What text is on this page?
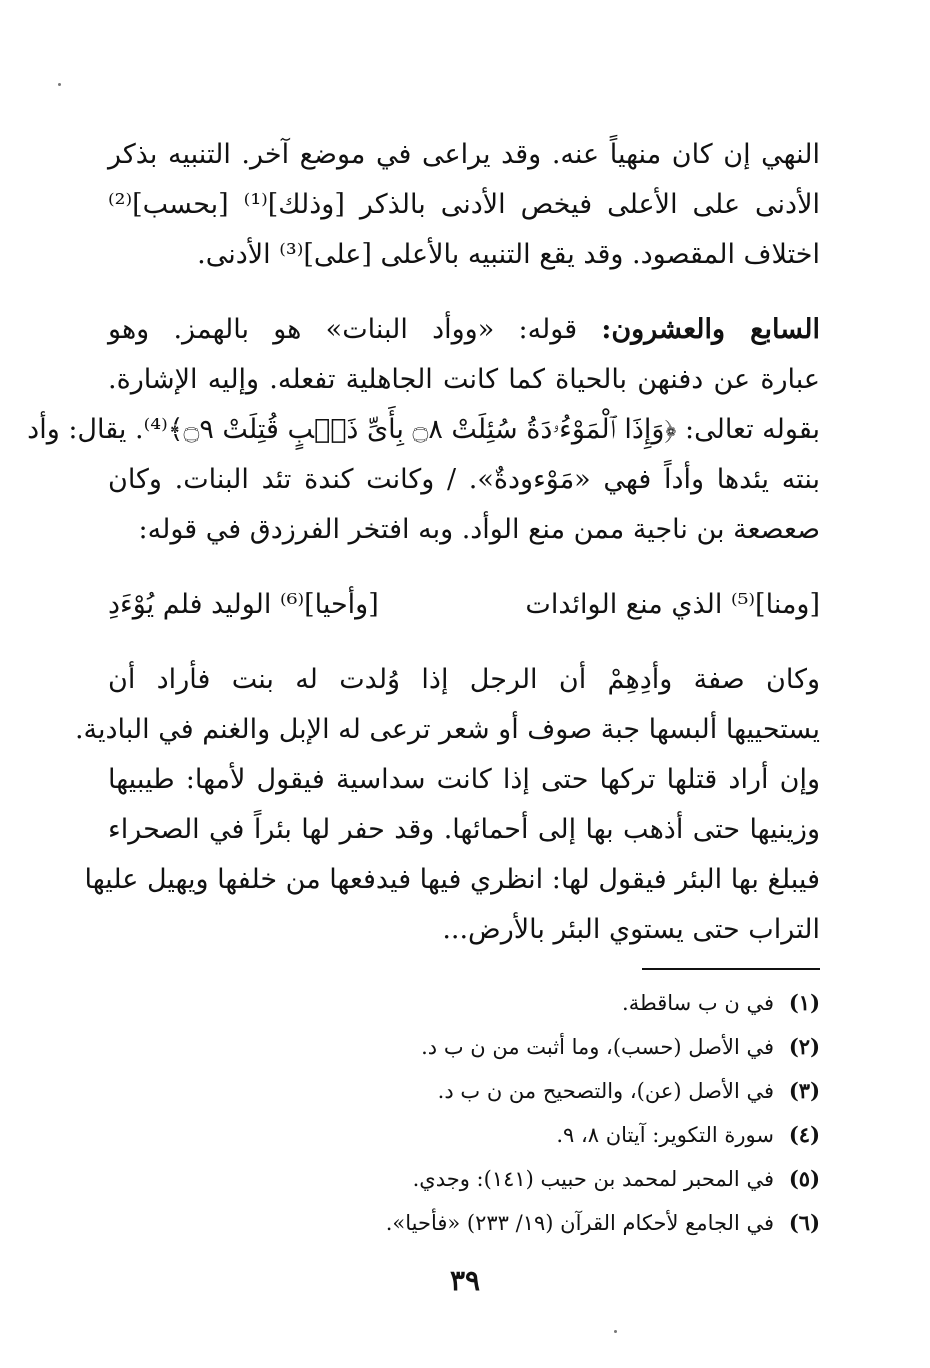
النهي إن كان منهياً عنه. وقد يراعى في موضع آخر. التنبيه بذكر
الأدنى على الأعلى فيخص الأدنى بالذكر [وذلك]⁽¹⁾ [بحسب]⁽²⁾
اختلاف المقصود. وقد يقع التنبيه بالأعلى [على]⁽³⁾ الأدنى.
السابع والعشرون: قوله: «ووأد البنات» هو بالهمز. وهو
عبارة عن دفنهن بالحياة كما كانت الجاهلية تفعله. وإليه الإشارة.
بقوله تعالى: ﴿وَإِذَا ٱلْمَوْءُۥدَةُ سُئِلَتْ ۝٨ بِأَىِّ ذَنۢبٍ قُتِلَتْ ۝٩﴾⁽⁴⁾. يقال: وأد
بنته يئدها وأداً فهي «مَوْءودةٌ». / وكانت كندة تئد البنات. وكان
صعصعة بن ناجية ممن منع الوأد. وبه افتخر الفرزدق في قوله:
[ومنا]⁽⁵⁾ الذي منع الوائدات
[وأحيا]⁽⁶⁾ الوليد فلم يُوْءَدِ
وكان صفة وأدِهِمْ أن الرجل إذا وُلدت له بنت فأراد أن
يستحييها ألبسها جبة صوف أو شعر ترعى له الإبل والغنم في البادية.
وإن أراد قتلها تركها حتى إذا كانت سداسية فيقول لأمها: طيبيها
وزينيها حتى أذهب بها إلى أحمائها. وقد حفر لها بئراً في الصحراء
فيبلغ بها البئر فيقول لها: انظري فيها فيدفعها من خلفها ويهيل عليها
التراب حتى يستوي البئر بالأرض...
(١)في ن ب ساقطة.
(٢)في الأصل (حسب)، وما أثبت من ن ب د.
(٣)في الأصل (عن)، والتصحيح من ن ب د.
(٤)سورة التكوير: آيتان ٨، ٩.
(٥)في المحبر لمحمد بن حبيب (١٤١): وجدي.
(٦)في الجامع لأحكام القرآن (١٩/ ٢٣٣) «فأحيا».
٣٩
